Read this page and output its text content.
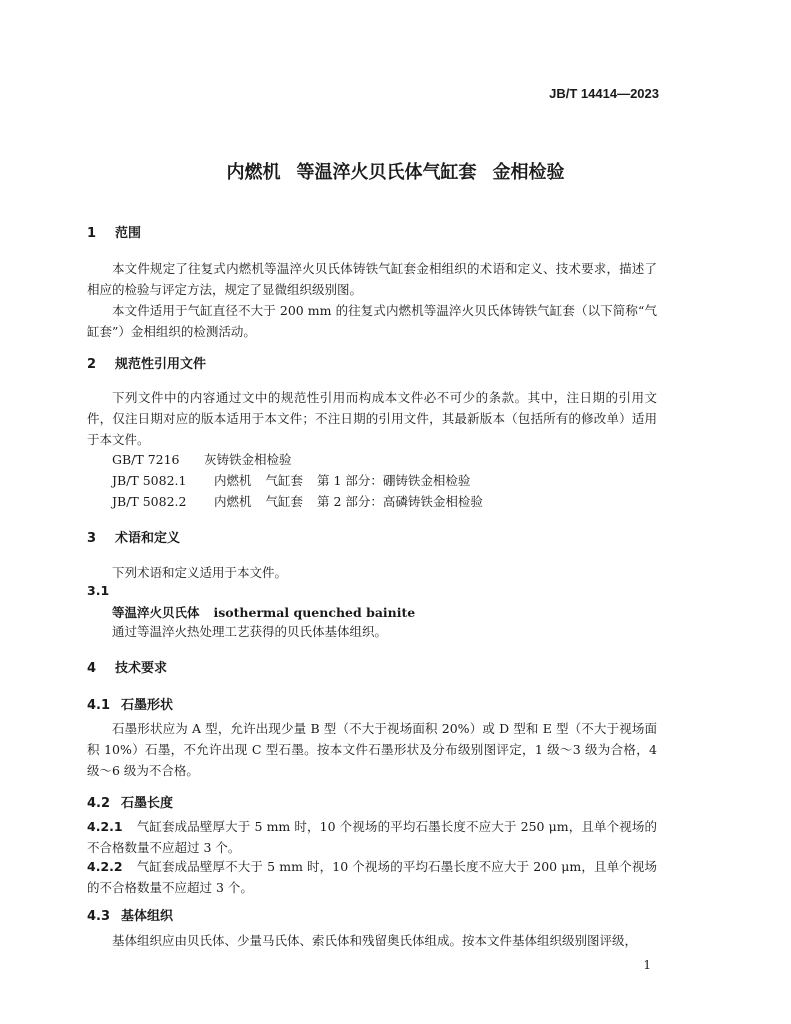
JB/T 14414—2023
内燃机 等温淬火贝氏体气缸套 金相检验
1 范围
本文件规定了往复式内燃机等温淬火贝氏体铸铁气缸套金相组织的术语和定义、技术要求，描述了相应的检验与评定方法，规定了显微组织级别图。
本文件适用于气缸直径不大于 200 mm 的往复式内燃机等温淬火贝氏体铸铁气缸套（以下简称“气缸套”）金相组织的检测活动。
2 规范性引用文件
下列文件中的内容通过文中的规范性引用而构成本文件必不可少的条款。其中，注日期的引用文件，仅注日期对应的版本适用于本文件；不注日期的引用文件，其最新版本（包括所有的修改单）适用于本文件。
GB/T 7216 灰铸铁金相检验
JB/T 5082.1 内燃机 气缸套 第 1 部分：硼铸铁金相检验
JB/T 5082.2 内燃机 气缸套 第 2 部分：高磷铸铁金相检验
3 术语和定义
下列术语和定义适用于本文件。
3.1
等温淬火贝氏体 isothermal quenched bainite
通过等温淬火热处理工艺获得的贝氏体基体组织。
4 技术要求
4.1 石墨形状
石墨形状应为 A 型，允许出现少量 B 型（不大于视场面积 20%）或 D 型和 E 型（不大于视场面积 10%）石墨，不允许出现 C 型石墨。按本文件石墨形状及分布级别图评定，1 级～3 级为合格，4 级～6 级为不合格。
4.2 石墨长度
4.2.1 气缸套成品壁厚大于 5 mm 时，10 个视场的平均石墨长度不应大于 250 μm，且单个视场的不合格数量不应超过 3 个。
4.2.2 气缸套成品壁厚不大于 5 mm 时，10 个视场的平均石墨长度不应大于 200 μm，且单个视场的不合格数量不应超过 3 个。
4.3 基体组织
基体组织应由贝氏体、少量马氏体、索氏体和残留奥氏体组成。按本文件基体组织级别图评级，
1
